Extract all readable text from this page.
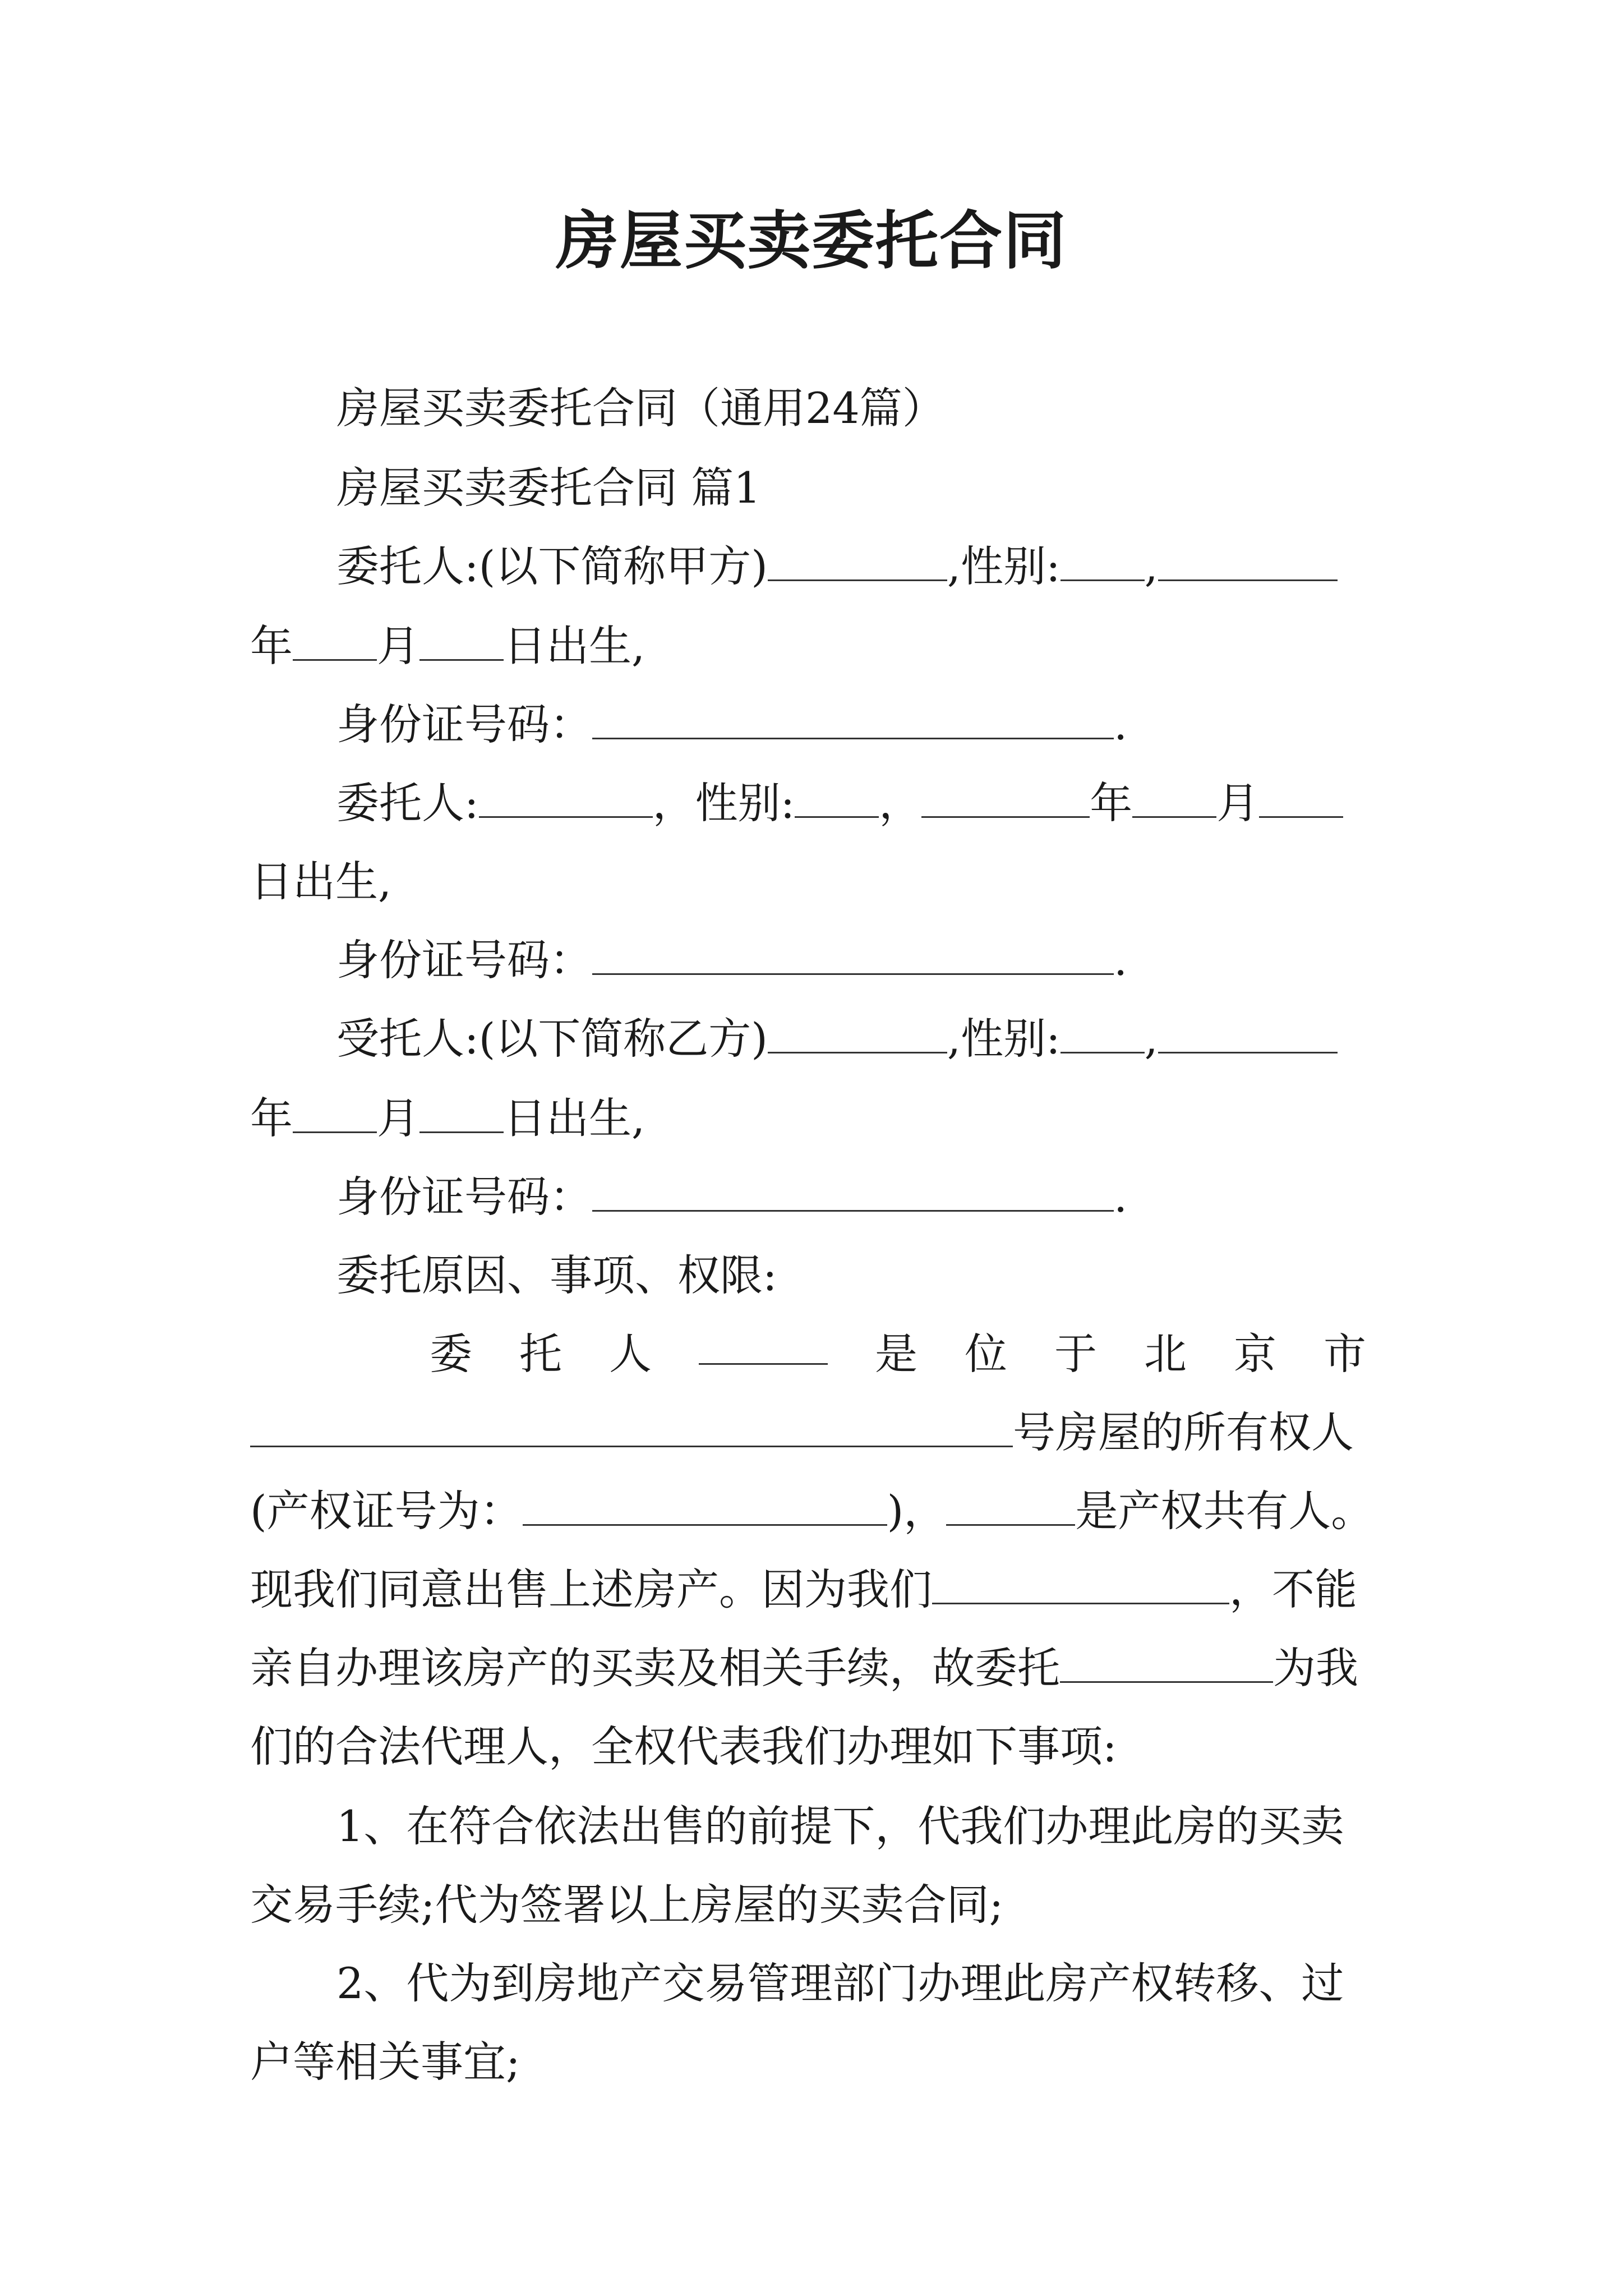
房屋买卖委托合同
房屋买卖委托合同（通用24篇）
房屋买卖委托合同 篇1
委托人:(以下简称甲方)	,性别: ,
年 月 日出生,
身份证号码：	.
委托人:	，性别: ，	年 月
日出生,
身份证号码：	.
受托人:(以下简称乙方)	,性别: ,
年 月 日出生,
身份证号码：	.
委托原因、事项、权限:
委 托 人	是 位 于 北 京 市
号房屋的所有权人
(产权证号为：	)，	是产权共有人。
现我们同意出售上述房产。因为我们	，不能
亲自办理该房产的买卖及相关手续，故委托	为我
们的合法代理人，全权代表我们办理如下事项:
1、在符合依法出售的前提下，代我们办理此房的买卖
交易手续;代为签署以上房屋的买卖合同;
2、代为到房地产交易管理部门办理此房产权转移、过
户等相关事宜;
